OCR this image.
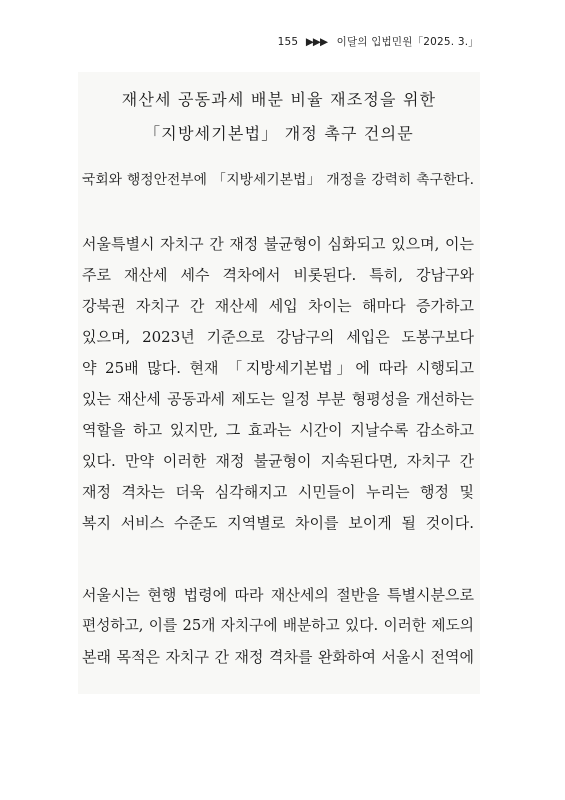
155 ▶▶▶ 이달의 입법민원「2025. 3.」
재산세 공동과세 배분 비율 재조정을 위한
「지방세기본법」 개정 촉구 건의문
국회와 행정안전부에 「지방세기본법」 개정을 강력히 촉구한다.
서울특별시 자치구 간 재정 불균형이 심화되고 있으며, 이는
주로 재산세 세수 격차에서 비롯된다. 특히, 강남구와
강북권 자치구 간 재산세 세입 차이는 해마다 증가하고
있으며, 2023년 기준으로 강남구의 세입은 도봉구보다
약 25배 많다. 현재 「지방세기본법」에 따라 시행되고
있는 재산세 공동과세 제도는 일정 부분 형평성을 개선하는
역할을 하고 있지만, 그 효과는 시간이 지날수록 감소하고
있다. 만약 이러한 재정 불균형이 지속된다면, 자치구 간
재정 격차는 더욱 심각해지고 시민들이 누리는 행정 및
복지 서비스 수준도 지역별로 차이를 보이게 될 것이다.
서울시는 현행 법령에 따라 재산세의 절반을 특별시분으로
편성하고, 이를 25개 자치구에 배분하고 있다. 이러한 제도의
본래 목적은 자치구 간 재정 격차를 완화하여 서울시 전역에
